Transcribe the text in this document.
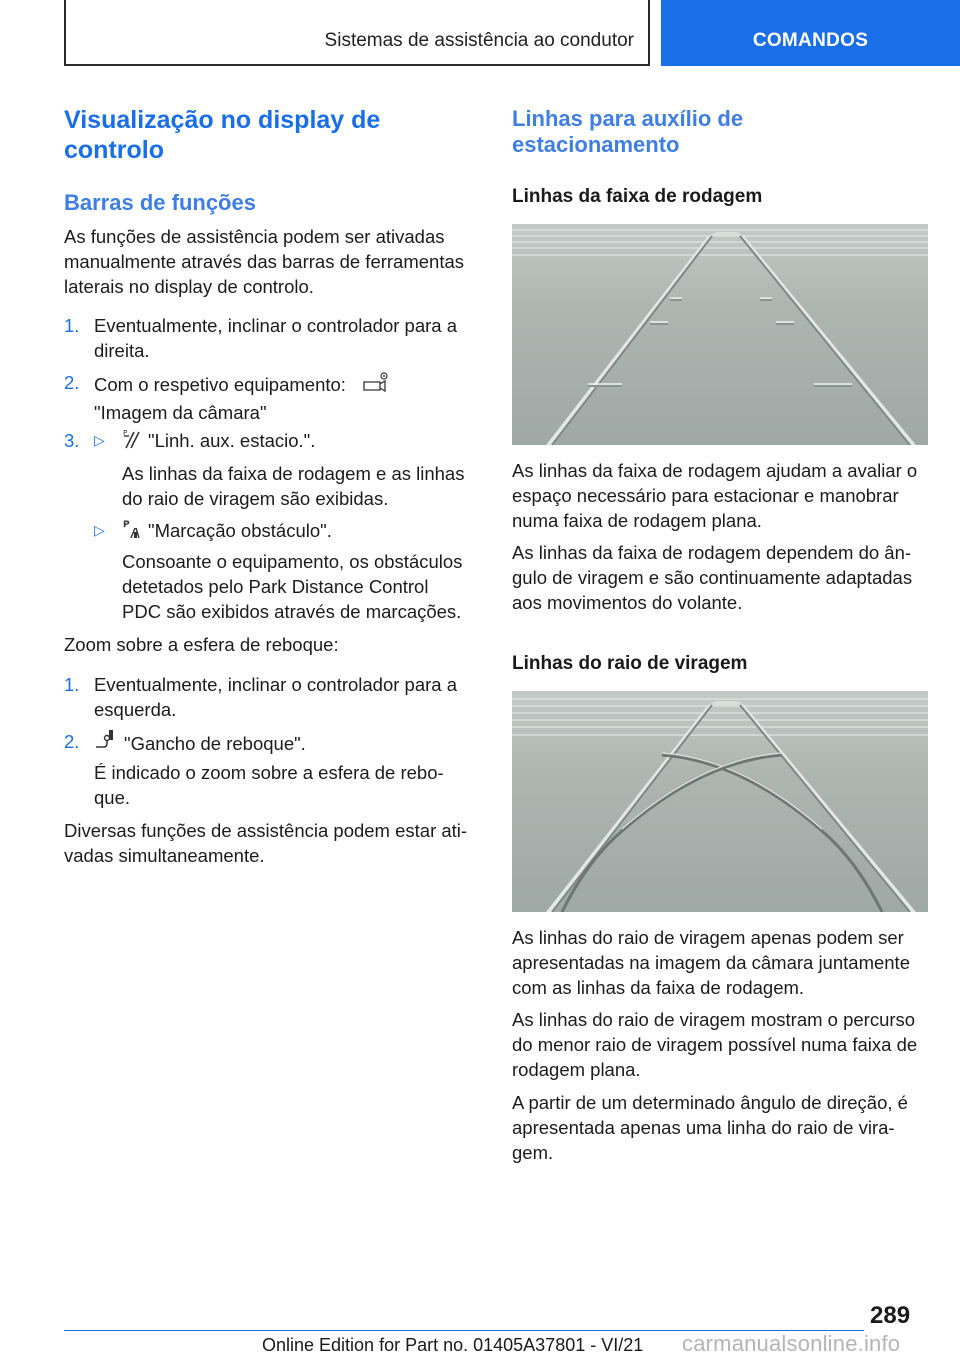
Sistemas de assistência ao condutor	COMANDOS
Visualização no display de
controlo
Barras de funções
As funções de assistência podem ser ativadas
manualmente através das barras de ferramentas
laterais no display de controlo.
1. Eventualmente, inclinar o controlador para a
direita.
2. Com o respetivo equipamento:
"Imagem da câmara"
3. ▷	P "Linh. aux. estacio.".
As linhas da faixa de rodagem e as linhas
do raio de viragem são exibidas.
▷ P "Marcação obstáculo".
Consoante o equipamento, os obstáculos
detetados pelo Park Distance Control
PDC são exibidos através de marcações.
Zoom sobre a esfera de reboque:
1. Eventualmente, inclinar o controlador para a
esquerda.
2.	"Gancho de reboque".
É indicado o zoom sobre a esfera de rebo-
que.
Diversas funções de assistência podem estar ati-
vadas simultaneamente.
Linhas para auxílio de
estacionamento
Linhas da faixa de rodagem
As linhas da faixa de rodagem ajudam a avaliar o
espaço necessário para estacionar e manobrar
numa faixa de rodagem plana.
As linhas da faixa de rodagem dependem do ân-
gulo de viragem e são continuamente adaptadas
aos movimentos do volante.
Linhas do raio de viragem
As linhas do raio de viragem apenas podem ser
apresentadas na imagem da câmara juntamente
com as linhas da faixa de rodagem.
As linhas do raio de viragem mostram o percurso
do menor raio de viragem possível numa faixa de
rodagem plana.
A partir de um determinado ângulo de direção, é
apresentada apenas uma linha do raio de vira-
gem.
289
Online Edition for Part no. 01405A37801 - VI/21 carmanualsonline.info
